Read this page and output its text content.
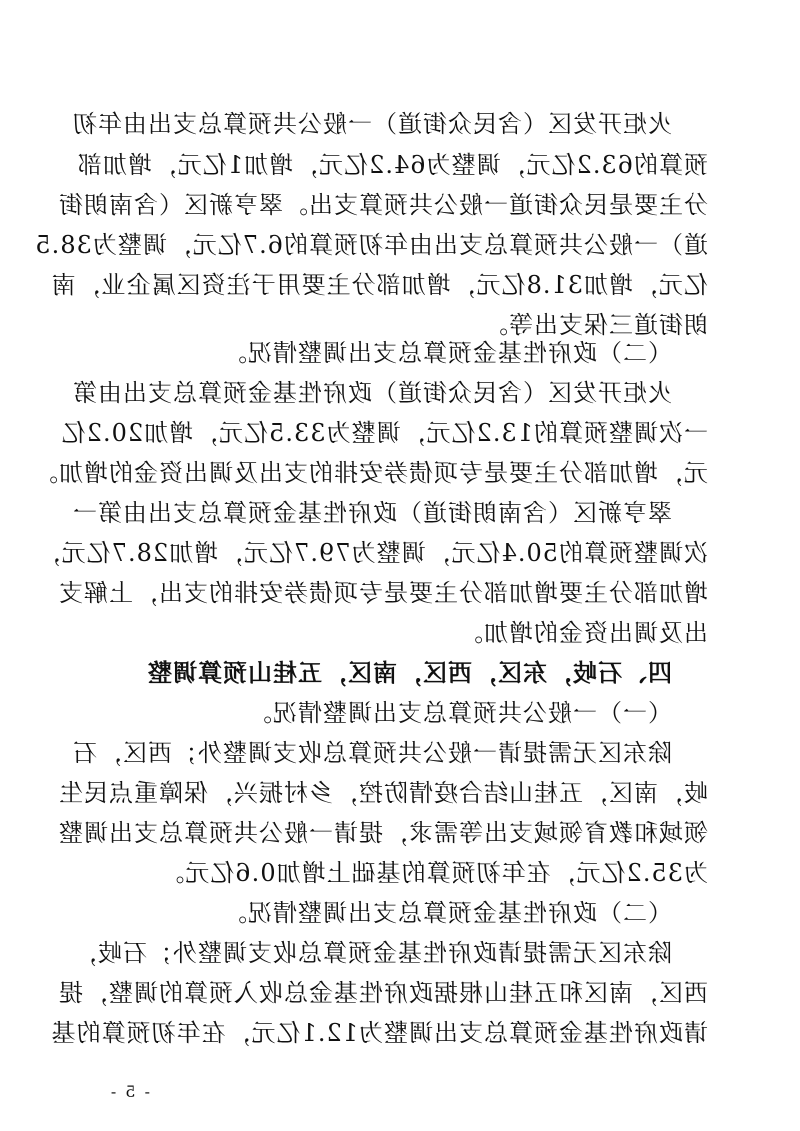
火炬开发区（含民众街道）一般公共预算总支出由年初
预算的63.2亿元，调整为64.2亿元，增加1亿元，增加部
分主要是民众街道一般公共预算支出。翠亨新区（含南朗街
道）一般公共预算总支出由年初预算的6.7亿元，调整为38.5
亿元，增加31.8亿元，增加部分主要用于注资区属企业，南
朗街道三保支出等。
（二）政府性基金预算总支出调整情况。
火炬开发区（含民众街道）政府性基金预算总支出由第
一次调整预算的13.2亿元，调整为33.5亿元，增加20.2亿
元，增加部分主要是专项债券安排的支出及调出资金的增加。
翠亨新区（含南朗街道）政府性基金预算总支出由第一
次调整预算的50.4亿元，调整为79.7亿元，增加28.7亿元，
增加部分主要增加部分主要是专项债券安排的支出，上解支
出及调出资金的增加。
四、石岐，东区，西区，南区，五桂山预算调整
（一）一般公共预算总支出调整情况。
除东区无需提请一般公共预算总收支调整外；西区，石
岐，南区，五桂山结合疫情防控，乡村振兴，保障重点民生
领域和教育领域支出等需求，提请一般公共预算总支出调整
为35.2亿元，在年初预算的基础上增加0.6亿元。
（二）政府性基金预算总支出调整情况。
除东区无需提请政府性基金预算总收支调整外；石岐，
西区，南区和五桂山根据政府性基金总收入预算的调整，提
请政府性基金预算总支出调整为12.1亿元，在年初预算的基
- 5 -
